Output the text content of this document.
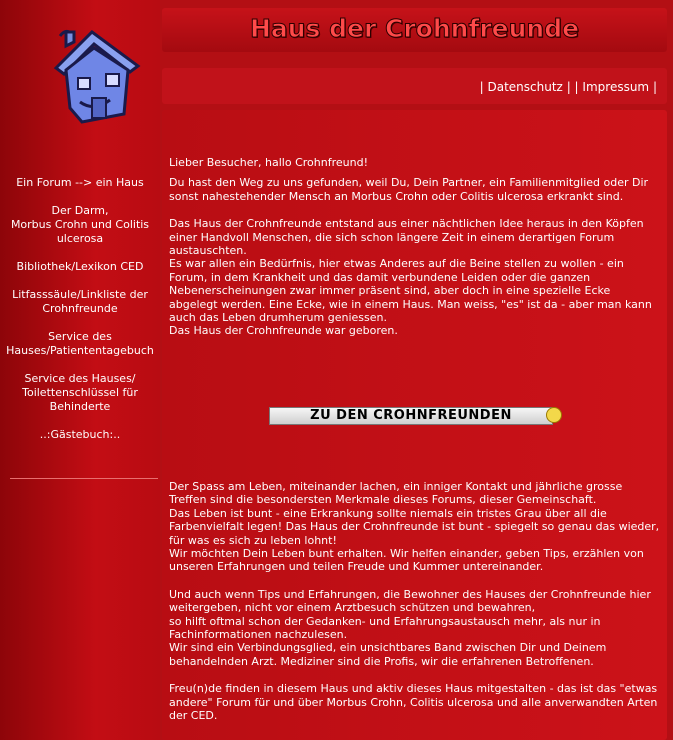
Ein Forum --> ein Haus
Der Darm,
Morbus Crohn und Colitis
ulcerosa
Bibliothek/Lexikon CED
Litfasssäule/Linkliste der
Crohnfreunde
Service des
Hauses/Patiententagebuch
Service des Hauses/
Toilettenschlüssel für
Behinderte
..:Gästebuch:..
Haus der Crohnfreunde
| Datenschutz | | Impressum |

Lieber Besucher, hallo Crohnfreund!

Du hast den Weg zu uns gefunden, weil Du, Dein Partner, ein Familienmitglied oder Dir sonst nahestehender Mensch an Morbus Crohn oder Colitis ulcerosa erkrankt sind.

Das Haus der Crohnfreunde entstand aus einer nächtlichen Idee heraus in den Köpfen einer Handvoll Menschen, die sich schon längere Zeit in einem derartigen Forum austauschten.

Es war allen ein Bedürfnis, hier etwas Anderes auf die Beine stellen zu wollen - ein Forum, in dem Krankheit und das damit verbundene Leiden oder die ganzen Nebenerscheinungen zwar immer präsent sind, aber doch in eine spezielle Ecke abgelegt werden. Eine Ecke, wie in einem Haus. Man weiss, "es" ist da - aber man kann auch das Leben drumherum geniessen.

Das Haus der Crohnfreunde war geboren.

ZU DEN CROHNFREUNDEN

Der Spass am Leben, miteinander lachen, ein inniger Kontakt und jährliche grosse Treffen sind die besondersten Merkmale dieses Forums, dieser Gemeinschaft.

Das Leben ist bunt - eine Erkrankung sollte niemals ein tristes Grau über all die Farbenvielfalt legen! Das Haus der Crohnfreunde ist bunt - spiegelt so genau das wieder, für was es sich zu leben lohnt!

Wir möchten Dein Leben bunt erhalten. Wir helfen einander, geben Tips, erzählen von unseren Erfahrungen und teilen Freude und Kummer untereinander.

Und auch wenn Tips und Erfahrungen, die Bewohner des Hauses der Crohnfreunde hier weitergeben, nicht vor einem Arztbesuch schützen und bewahren,

so hilft oftmal schon der Gedanken- und Erfahrungsaustausch mehr, als nur in Fachinformationen nachzulesen.

Wir sind ein Verbindungsglied, ein unsichtbares Band zwischen Dir und Deinem behandelnden Arzt. Mediziner sind die Profis, wir die erfahrenen Betroffenen.

Freu(n)de finden in diesem Haus und aktiv dieses Haus mitgestalten - das ist das "etwas andere" Forum für und über Morbus Crohn, Colitis ulcerosa und alle anverwandten Arten der CED.
